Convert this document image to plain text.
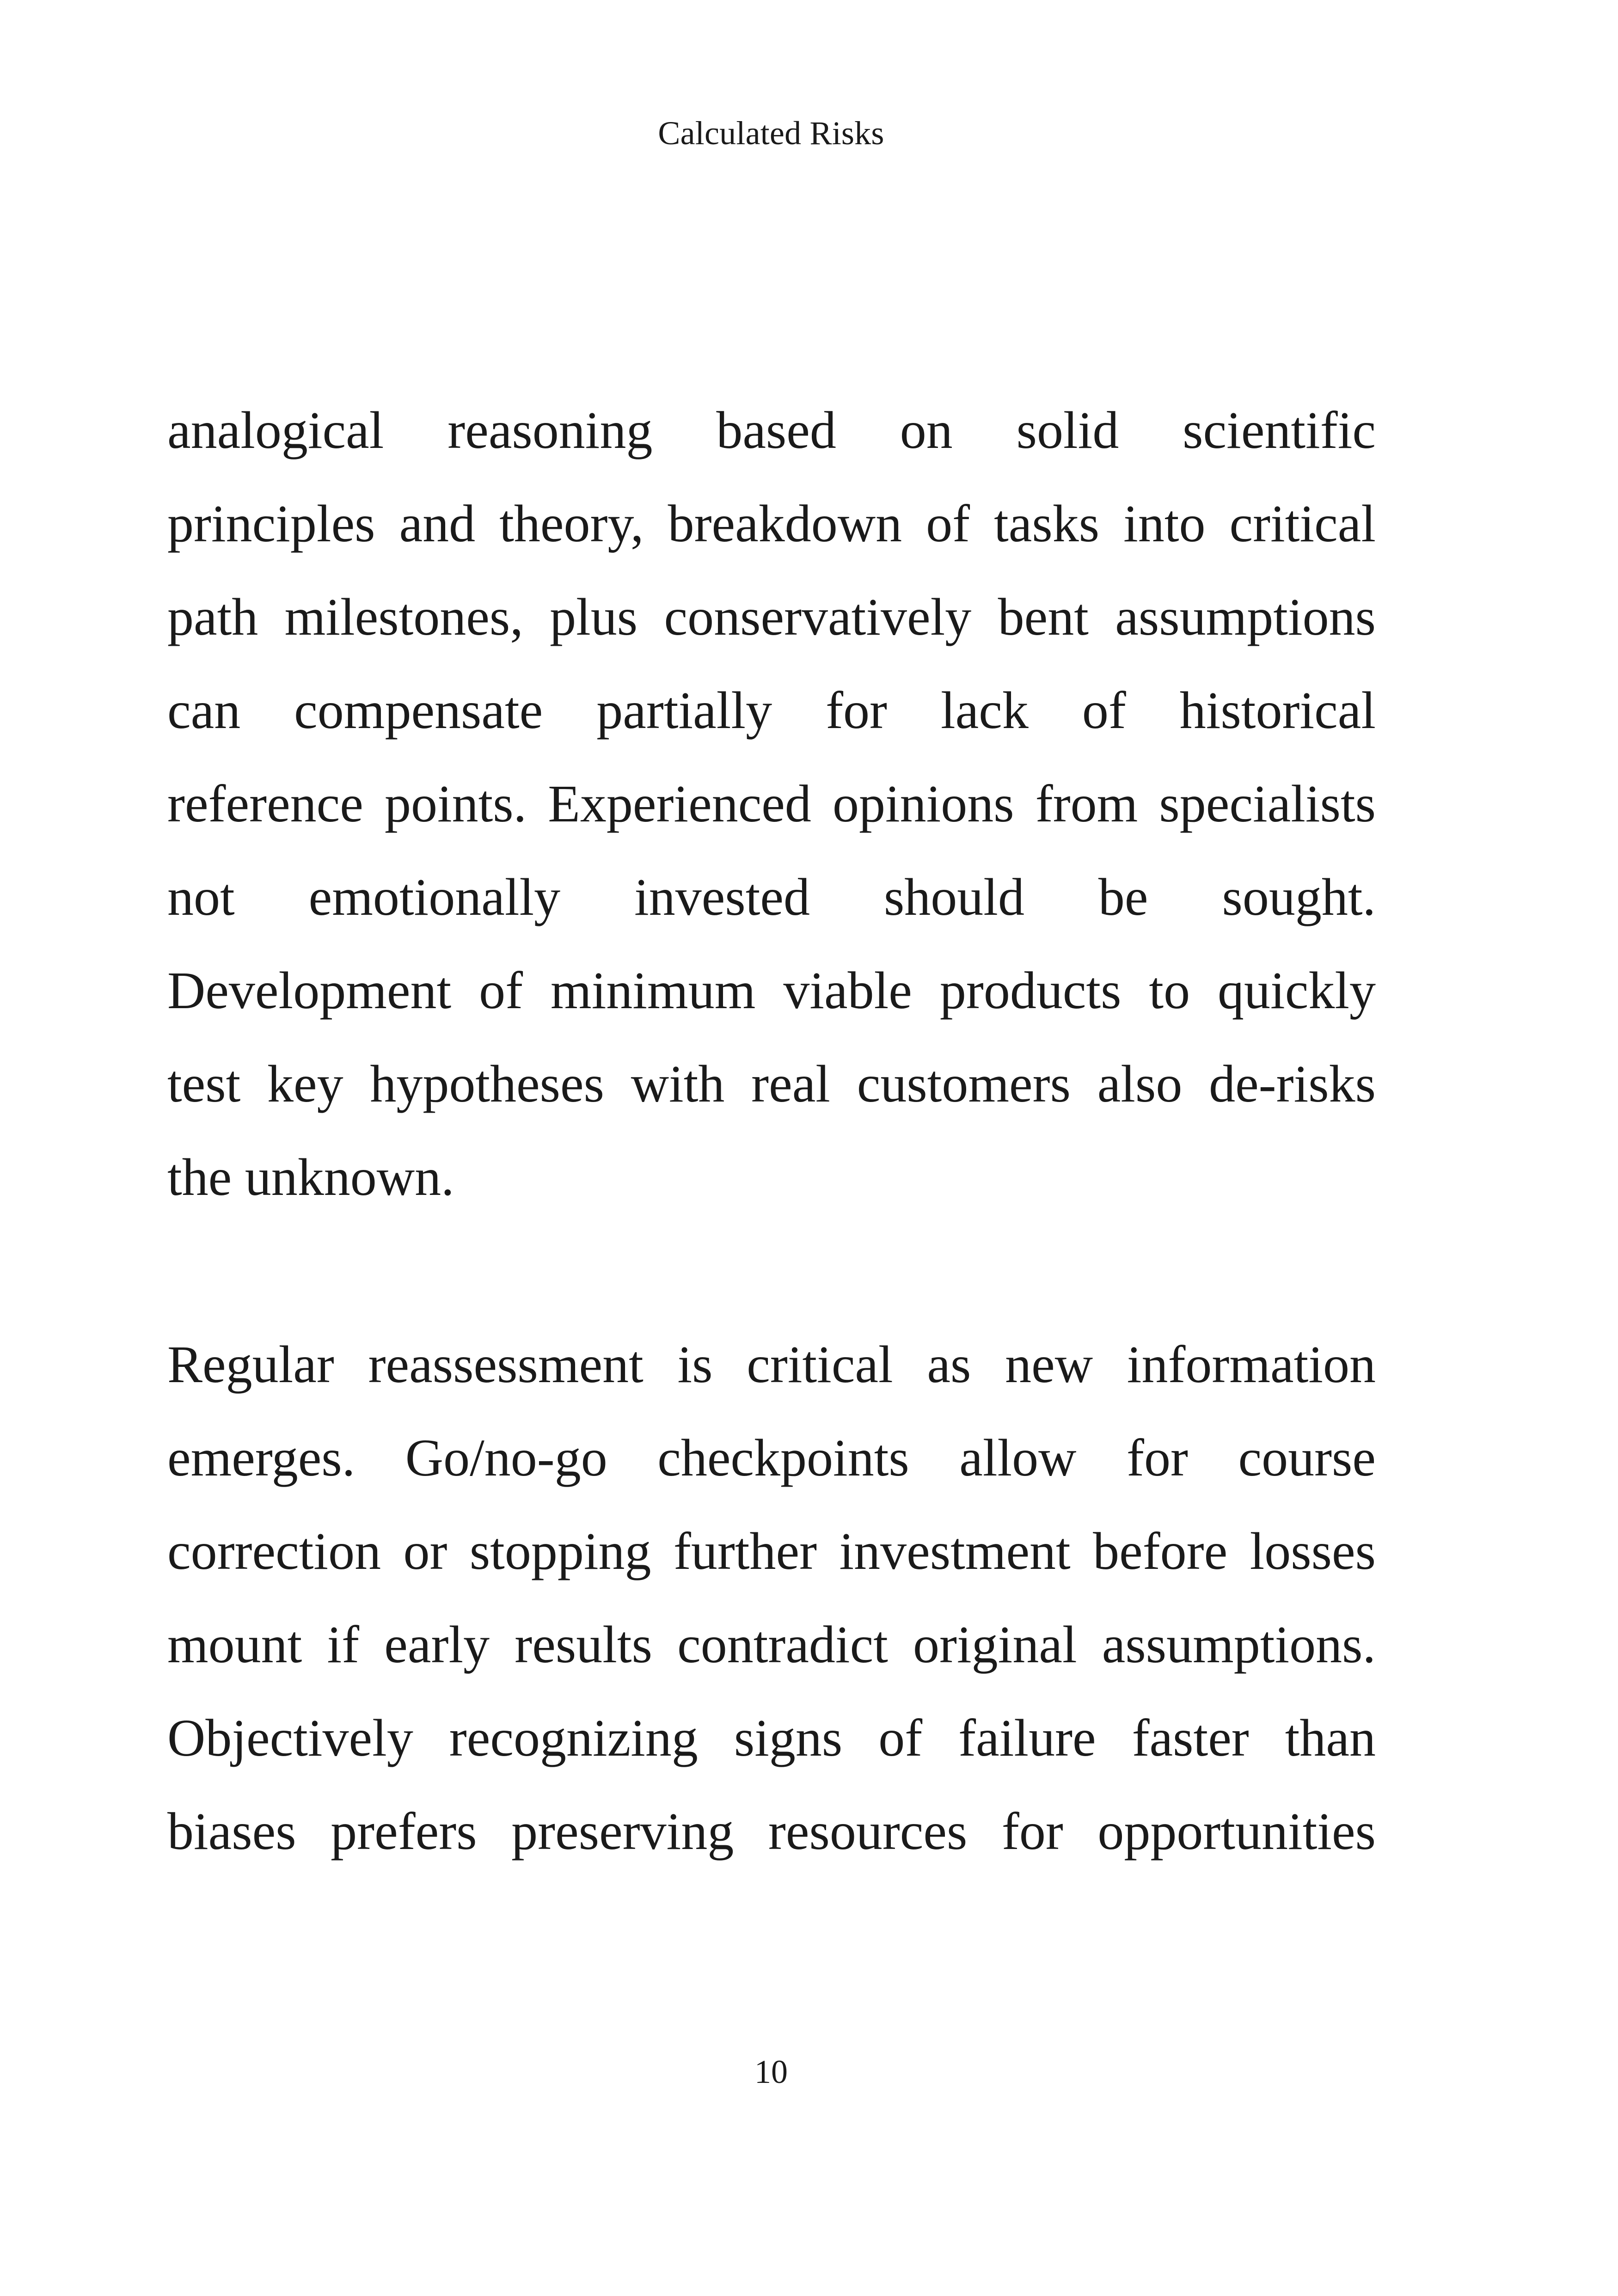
Calculated Risks
analogical reasoning based on solid scientific
principles and theory, breakdown of tasks into critical
path milestones, plus conservatively bent assumptions
can compensate partially for lack of historical
reference points. Experienced opinions from specialists
not emotionally invested should be sought.
Development of minimum viable products to quickly
test key hypotheses with real customers also de-risks
the unknown.
Regular reassessment is critical as new information
emerges. Go/no-go checkpoints allow for course
correction or stopping further investment before losses
mount if early results contradict original assumptions.
Objectively recognizing signs of failure faster than
biases prefers preserving resources for opportunities
10
